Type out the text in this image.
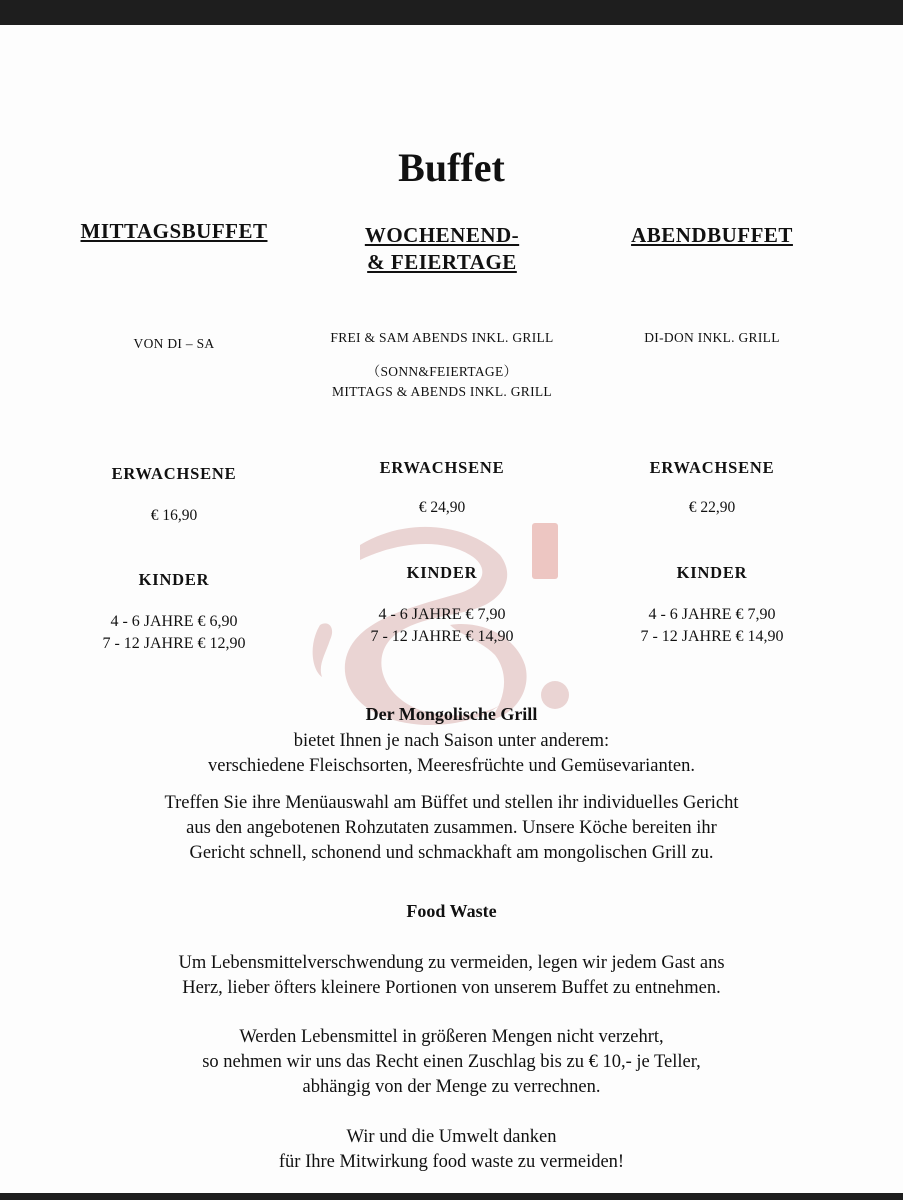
Buffet
MITTAGSBUFFET
VON DI – SA
ERWACHSENE
€ 16,90
KINDER
4 - 6 JAHRE € 6,90
7 - 12 JAHRE € 12,90
WOCHENEND-
& FEIERTAGE
FREI & SAM ABENDS INKL. GRILL
（SONN&FEIERTAGE）
MITTAGS & ABENDS INKL. GRILL
ERWACHSENE
€ 24,90
KINDER
4 - 6 JAHRE € 7,90
7 - 12 JAHRE € 14,90
ABENDBUFFET
DI-DON INKL. GRILL
ERWACHSENE
€ 22,90
KINDER
4 - 6 JAHRE € 7,90
7 - 12 JAHRE € 14,90
Der Mongolische Grill
bietet Ihnen je nach Saison unter anderem:
verschiedene Fleischsorten, Meeresfrüchte und Gemüsevarianten.
Treffen Sie ihre Menüauswahl am Büffet und stellen ihr individuelles Gericht
aus den angebotenen Rohzutaten zusammen. Unsere Köche bereiten ihr
Gericht schnell, schonend und schmackhaft am mongolischen Grill zu.
Food Waste
Um Lebensmittelverschwendung zu vermeiden, legen wir jedem Gast ans
Herz, lieber öfters kleinere Portionen von unserem Buffet zu entnehmen.
Werden Lebensmittel in größeren Mengen nicht verzehrt,
so nehmen wir uns das Recht einen Zuschlag bis zu € 10,- je Teller,
abhängig von der Menge zu verrechnen.
Wir und die Umwelt danken
für Ihre Mitwirkung food waste zu vermeiden!
